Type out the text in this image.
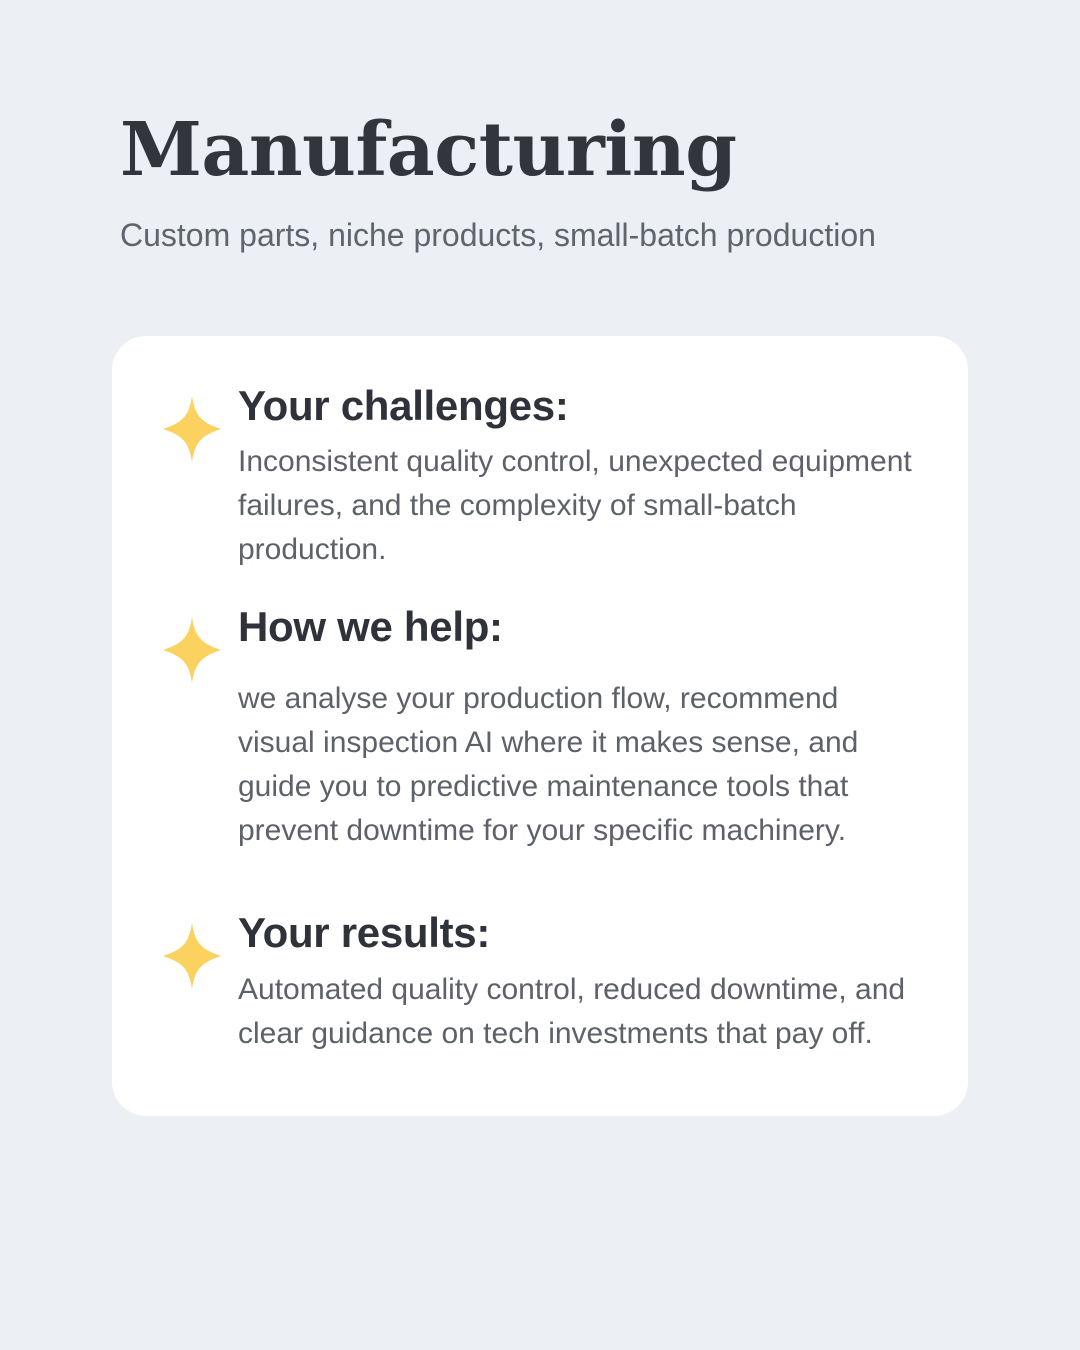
Manufacturing

Custom parts, niche products, small-batch production

Your challenges:

Inconsistent quality control, unexpected equipment failures, and the complexity of small-batch production.

How we help:

we analyse your production flow, recommend visual inspection AI where it makes sense, and guide you to predictive maintenance tools that prevent downtime for your specific machinery.

Your results:

Automated quality control, reduced downtime, and clear guidance on tech investments that pay off.
